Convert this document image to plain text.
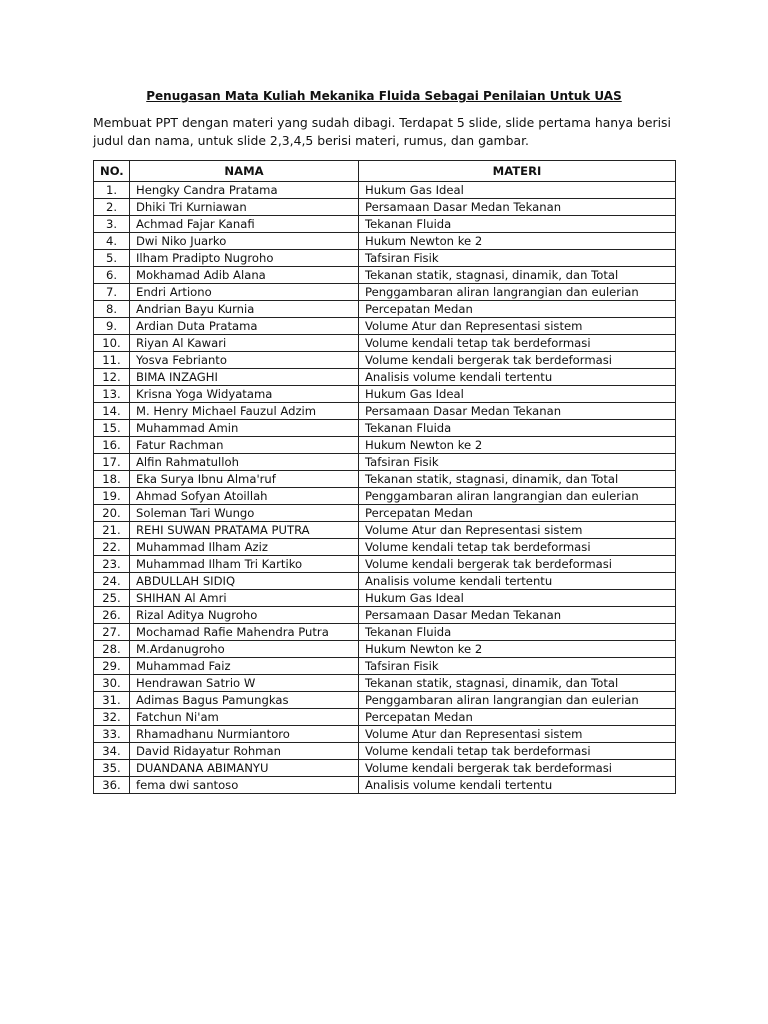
Penugasan Mata Kuliah Mekanika Fluida Sebagai Penilaian Untuk UAS
Membuat PPT dengan materi yang sudah dibagi. Terdapat 5 slide, slide pertama hanya berisi judul dan nama, untuk slide 2,3,4,5 berisi materi, rumus, dan gambar.
NO.	NAMA	MATERI
1.	Hengky Candra Pratama	Hukum Gas Ideal
2.	Dhiki Tri Kurniawan	Persamaan Dasar Medan Tekanan
3.	Achmad Fajar Kanafi	Tekanan Fluida
4.	Dwi Niko Juarko	Hukum Newton ke 2
5.	Ilham Pradipto Nugroho	Tafsiran Fisik
6.	Mokhamad Adib Alana	Tekanan statik, stagnasi, dinamik, dan Total
7.	Endri Artiono	Penggambaran aliran langrangian dan eulerian
8.	Andrian Bayu Kurnia	Percepatan Medan
9.	Ardian Duta Pratama	Volume Atur dan Representasi sistem
10.	Riyan Al Kawari	Volume kendali tetap tak berdeformasi
11.	Yosva Febrianto	Volume kendali bergerak tak berdeformasi
12.	BIMA INZAGHI	Analisis volume kendali tertentu
13.	Krisna Yoga Widyatama	Hukum Gas Ideal
14.	M. Henry Michael Fauzul Adzim	Persamaan Dasar Medan Tekanan
15.	Muhammad Amin	Tekanan Fluida
16.	Fatur Rachman	Hukum Newton ke 2
17.	Alfin Rahmatulloh	Tafsiran Fisik
18.	Eka Surya Ibnu Alma'ruf	Tekanan statik, stagnasi, dinamik, dan Total
19.	Ahmad Sofyan Atoillah	Penggambaran aliran langrangian dan eulerian
20.	Soleman Tari Wungo	Percepatan Medan
21.	REHI SUWAN PRATAMA PUTRA	Volume Atur dan Representasi sistem
22.	Muhammad Ilham Aziz	Volume kendali tetap tak berdeformasi
23.	Muhammad Ilham Tri Kartiko	Volume kendali bergerak tak berdeformasi
24.	ABDULLAH SIDIQ	Analisis volume kendali tertentu
25.	SHIHAN Al Amri	Hukum Gas Ideal
26.	Rizal Aditya Nugroho	Persamaan Dasar Medan Tekanan
27.	Mochamad Rafie Mahendra Putra	Tekanan Fluida
28.	M.Ardanugroho	Hukum Newton ke 2
29.	Muhammad Faiz	Tafsiran Fisik
30.	Hendrawan Satrio W	Tekanan statik, stagnasi, dinamik, dan Total
31.	Adimas Bagus Pamungkas	Penggambaran aliran langrangian dan eulerian
32.	Fatchun Ni'am	Percepatan Medan
33.	Rhamadhanu Nurmiantoro	Volume Atur dan Representasi sistem
34.	David Ridayatur Rohman	Volume kendali tetap tak berdeformasi
35.	DUANDANA ABIMANYU	Volume kendali bergerak tak berdeformasi
36.	fema dwi santoso	Analisis volume kendali tertentu
